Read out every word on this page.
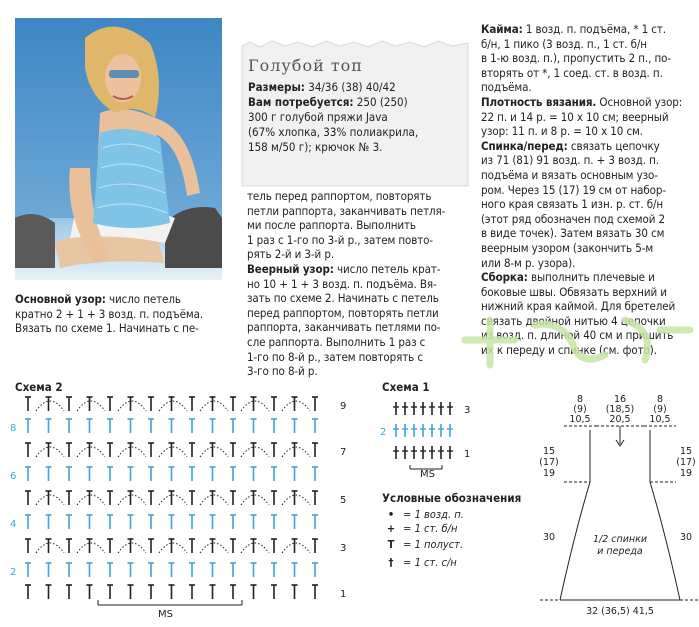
Голубой топ
Размеры: 34/36 (38) 40/42
Вам потребуется: 250 (250)
300 г голубой пряжи Java
(67% хлопка, 33% полиакрила,
158 м/50 г); крючок № 3.
тель перед раппортом, повторять
петли раппорта, заканчивать петля-
ми после раппорта. Выполнить
1 раз с 1-го по 3-й р., затем повто-
рять 2-й и 3-й р.
Веерный узор: число петель крат-
но 10 + 1 + 3 возд. п. подъёма. Вя-
зать по схеме 2. Начинать с петель
перед раппортом, повторять петли
раппорта, заканчивать петлями по-
сле раппорта. Выполнить 1 раз с
1-го по 8-й р., затем повторять с
3-го по 8-й р.
Кайма: 1 возд. п. подъёма, * 1 ст.
б/н, 1 пико (3 возд. п., 1 ст. б/н
в 1-ю возд. п.), пропустить 2 п., по-
вторять от *, 1 соед. ст. в возд. п.
подъёма.
Плотность вязания. Основной узор:
22 п. и 14 р. = 10 х 10 см; веерный
узор: 11 п. и 8 р. = 10 х 10 см.
Спинка/перед: связать цепочку
из 71 (81) 91 возд. п. + 3 возд. п.
подъёма и вязать основным узо-
ром. Через 15 (17) 19 см от набор-
ного края связать 1 изн. р. ст. б/н
(этот ряд обозначен под схемой 2
в виде точек). Затем вязать 30 см
веерным узором (закончить 5-м
или 8-м р. узора).
Сборка: выполнить плечевые и
боковые швы. Обвязать верхний и
нижний края каймой. Для бретелей
связать двойной нитью 4 цепочки
из возд. п. длиной 40 см и пришить
их к переду и спинке (см. фото).
Основной узор: число петель
кратно 2 + 1 + 3 возд. п. подъёма.
Вязать по схеме 1. Начинать с пе-
Схема 2
9
8
7
6
5
4
3
2
1
MS
Схема 1
3
2
1
MS
Условные обозначения
• = 1 возд. п.
+ = 1 ст. б/н
T = 1 полуст.
† = 1 ст. с/н
8
(9)
10,5
16
(18,5)
20,5
8
(9)
10,5
15
(17)
19
15
(17)
19
30	30
1/2 спинки
и переда
32 (36,5) 41,5
